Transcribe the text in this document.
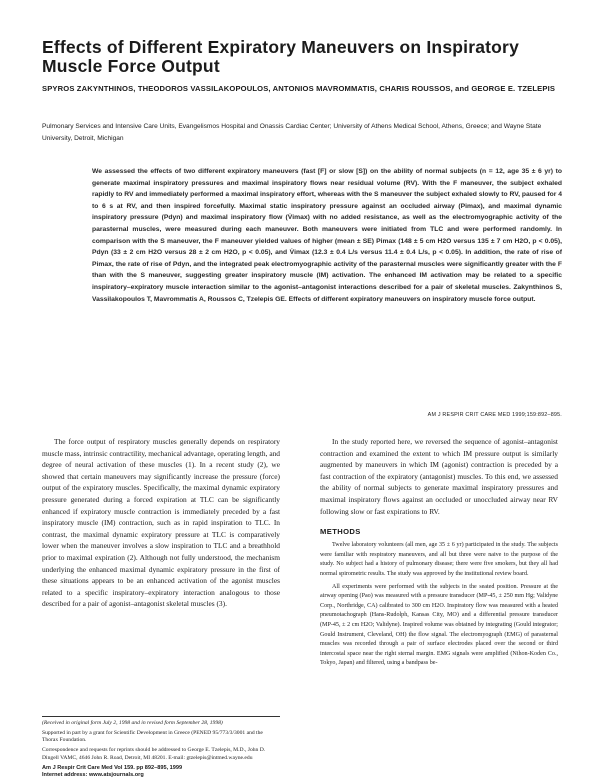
Effects of Different Expiratory Maneuvers on Inspiratory Muscle Force Output
SPYROS ZAKYNTHINOS, THEODOROS VASSILAKOPOULOS, ANTONIOS MAVROMMATIS, CHARIS ROUSSOS, and GEORGE E. TZELEPIS
Pulmonary Services and Intensive Care Units, Evangelismos Hospital and Onassis Cardiac Center; University of Athens Medical School, Athens, Greece; and Wayne State University, Detroit, Michigan

We assessed the effects of two different expiratory maneuvers (fast [F] or slow [S]) on the ability of normal subjects (n = 12, age 35 ± 6 yr) to generate maximal inspiratory pressures and maximal inspiratory flows near residual volume (RV). With the F maneuver, the subject exhaled rapidly to RV and immediately performed a maximal inspiratory effort, whereas with the S maneuver the subject exhaled slowly to RV, paused for 4 to 6 s at RV, and then inspired forcefully. Maximal static inspiratory pressure against an occluded airway (Pimax), and maximal dynamic inspiratory pressure (Pdyn) and maximal inspiratory flow (V̇imax) with no added resistance, as well as the electromyographic activity of the parasternal muscles, were measured during each maneuver. Both maneuvers were initiated from TLC and were performed randomly. In comparison with the S maneuver, the F maneuver yielded values of higher (mean ± SE) Pimax (148 ± 5 cm H2O versus 135 ± 7 cm H2O, p < 0.05), Pdyn (33 ± 2 cm H2O versus 28 ± 2 cm H2O, p < 0.05), and V̇imax (12.3 ± 0.4 L/s versus 11.4 ± 0.4 L/s, p < 0.05). In addition, the rate of rise of Pimax, the rate of rise of Pdyn, and the integrated peak electromyographic activity of the parasternal muscles were significantly greater with the F than with the S maneuver, suggesting greater inspiratory muscle (IM) activation. The enhanced IM activation may be related to a specific inspiratory–expiratory muscle interaction similar to the agonist–antagonist interactions described for a pair of skeletal muscles. Zakynthinos S, Vassilakopoulos T, Mavrommatis A, Roussos C, Tzelepis GE. Effects of different expiratory maneuvers on inspiratory muscle force output.

AM J RESPIR CRIT CARE MED 1999;159:892–895.

The force output of respiratory muscles generally depends on respiratory muscle mass, intrinsic contractility, mechanical advantage, operating length, and degree of neural activation of these muscles (1). In a recent study (2), we showed that certain maneuvers may significantly increase the pressure (force) output of the expiratory muscles. Specifically, the maximal dynamic expiratory pressure generated during a forced expiration at TLC can be significantly enhanced if expiratory muscle contraction is immediately preceded by a fast inspiratory muscle (IM) contraction, such as in rapid inspiration to TLC. In contrast, the maximal dynamic expiratory pressure at TLC is comparatively lower when the maneuver involves a slow inspiration to TLC and a breathhold prior to maximal expiration (2). Although not fully understood, the mechanism underlying the enhanced maximal dynamic expiratory pressure in the first of these situations appears to be an enhanced activation of the agonist muscles related to a specific inspiratory–expiratory interaction analogous to those described for a pair of agonist–antagonist skeletal muscles (3).

In the study reported here, we reversed the sequence of agonist–antagonist contraction and examined the extent to which IM pressure output is similarly augmented by maneuvers in which IM (agonist) contraction is preceded by a fast contraction of the expiratory (antagonist) muscles. To this end, we assessed the ability of normal subjects to generate maximal inspiratory pressures and maximal inspiratory flows against an occluded or unoccluded airway near RV following slow or fast expirations to RV.

METHODS

Twelve laboratory volunteers (all men, age 35 ± 6 yr) participated in the study. The subjects were familiar with respiratory maneuvers, and all but three were naive to the purpose of the study. No subject had a history of pulmonary disease; there were five smokers, but they all had normal spirometric results. The study was approved by the institutional review board.

All experiments were performed with the subjects in the seated position. Pressure at the airway opening (Pao) was measured with a pressure transducer (MP-45, ± 250 mm Hg; Validyne Corp., Northridge, CA) calibrated to 300 cm H2O. Inspiratory flow was measured with a heated pneumotachograph (Hans-Rudolph, Kansas City, MO) and a differential pressure transducer (MP-45, ± 2 cm H2O; Validyne). Inspired volume was obtained by integrating (Gould integrator; Gould Instrument, Cleveland, OH) the flow signal. The electromyograph (EMG) of parasternal muscles was recorded through a pair of surface electrodes placed over the second or third intercostal space near the right sternal margin. EMG signals were amplified (Nihon-Koden Co., Tokyo, Japan) and filtered, using a bandpass be-

(Received in original form July 2, 1998 and in revised form September 28, 1998)

Supported in part by a grant for Scientific Development in Greece (PENED 95/773/3/3001 and the Thorax Foundation.

Correspondence and requests for reprints should be addressed to George E. Tzelepis, M.D., John D. Dingell VAMC, 4646 John R. Road, Detroit, MI 48201. E-mail: gtzelepis@intmed.wayne.edu

Am J Respir Crit Care Med Vol 159. pp 892–895, 1999

Internet address: www.atsjournals.org
